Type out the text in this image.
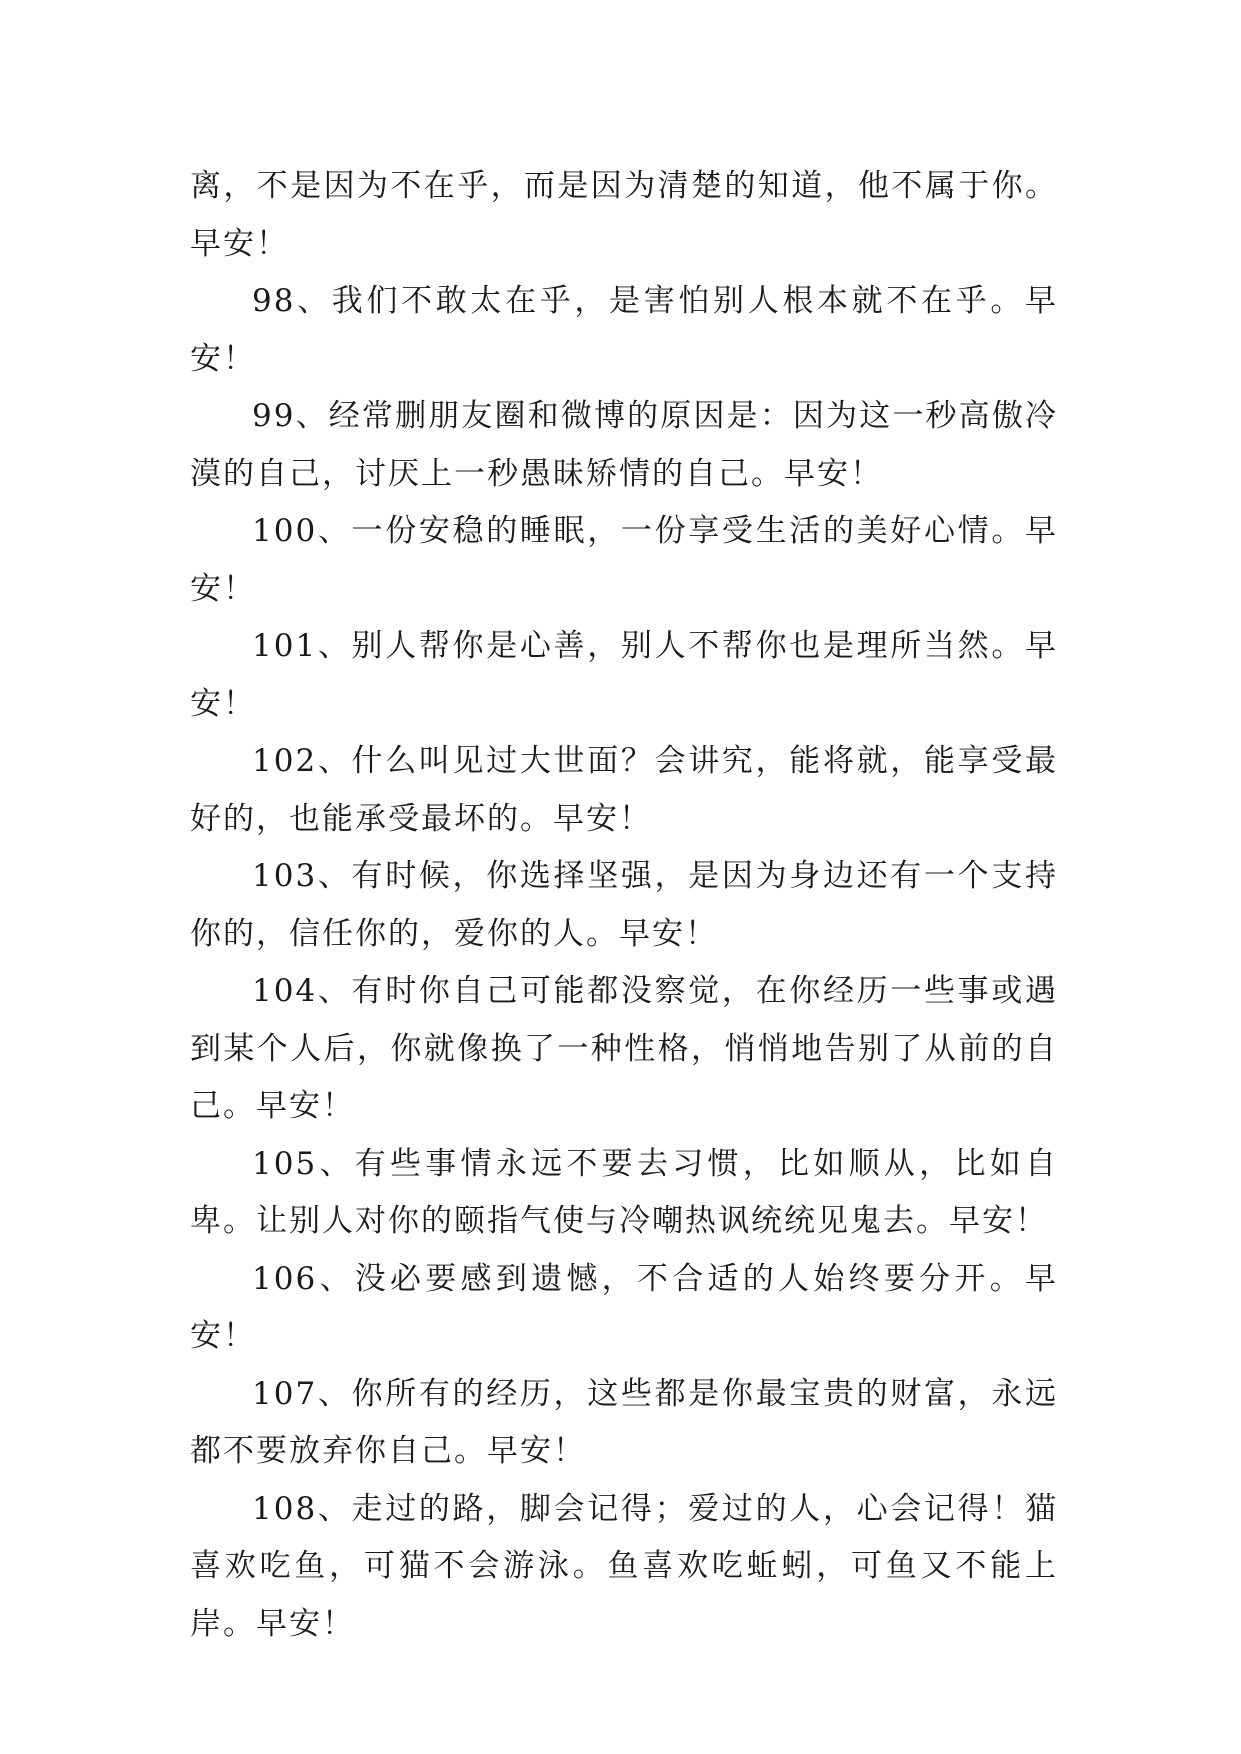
离，不是因为不在乎，而是因为清楚的知道，他不属于你。早安！

98、我们不敢太在乎，是害怕别人根本就不在乎。早安！

99、经常删朋友圈和微博的原因是：因为这一秒高傲冷漠的自己，讨厌上一秒愚昧矫情的自己。早安！

100、一份安稳的睡眠，一份享受生活的美好心情。早安！

101、别人帮你是心善，别人不帮你也是理所当然。早安！

102、什么叫见过大世面？会讲究，能将就，能享受最好的，也能承受最坏的。早安！

103、有时候，你选择坚强，是因为身边还有一个支持你的，信任你的，爱你的人。早安！

104、有时你自己可能都没察觉，在你经历一些事或遇到某个人后，你就像换了一种性格，悄悄地告别了从前的自己。早安！

105、有些事情永远不要去习惯，比如顺从，比如自卑。让别人对你的颐指气使与冷嘲热讽统统见鬼去。早安！

106、没必要感到遗憾，不合适的人始终要分开。早安！

107、你所有的经历，这些都是你最宝贵的财富，永远都不要放弃你自己。早安！

108、走过的路，脚会记得；爱过的人，心会记得！猫喜欢吃鱼，可猫不会游泳。鱼喜欢吃蚯蚓，可鱼又不能上岸。早安！
